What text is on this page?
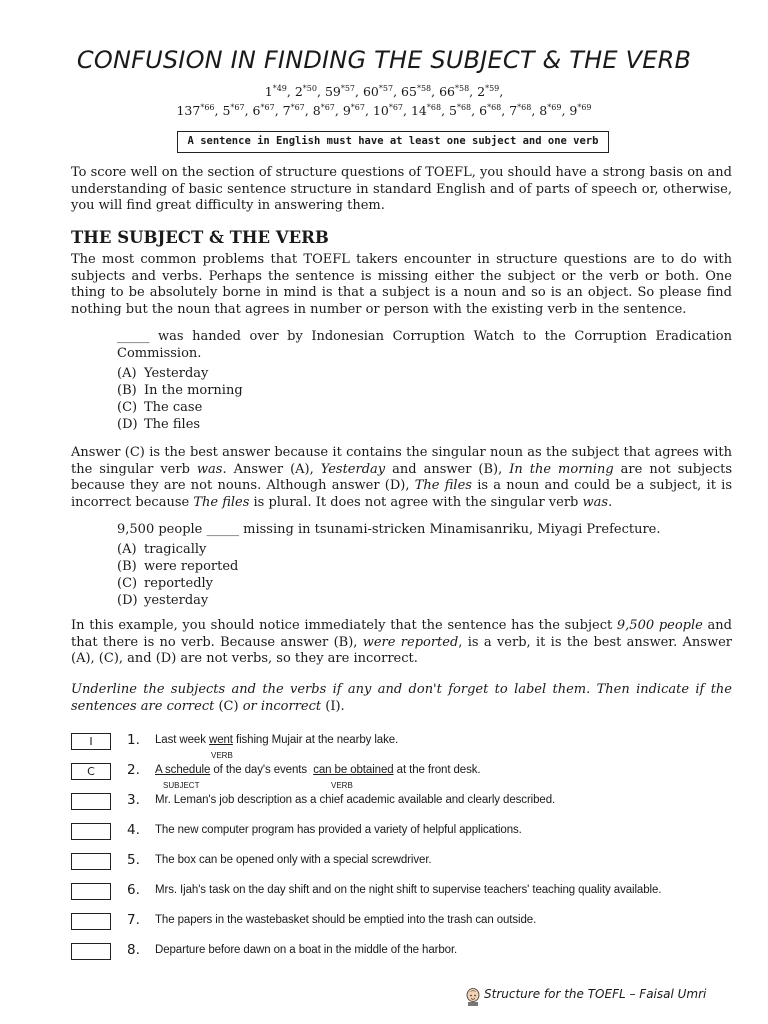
CONFUSION IN FINDING THE SUBJECT & THE VERB
1$^{*49}$, 2$^{*50}$, 59$^{*57}$, 60$^{*57}$, 65$^{*58}$, 66$^{*58}$, 2$^{*59}$,
137$^{*66}$, 5$^{*67}$, 6$^{*67}$, 7$^{*67}$, 8$^{*67}$, 9$^{*67}$, 10$^{*67}$, 14$^{*68}$, 5$^{*68}$, 6$^{*68}$, 7$^{*68}$, 8$^{*69}$, 9$^{*69}$
A sentence in English must have at least one subject and one verb
To score well on the section of structure questions of TOEFL, you should have a strong basis on and understanding of basic sentence structure in standard English and of parts of speech or, otherwise, you will find great difficulty in answering them.
THE SUBJECT & THE VERB
The most common problems that TOEFL takers encounter in structure questions are to do with subjects and verbs. Perhaps the sentence is missing either the subject or the verb or both. One thing to be absolutely borne in mind is that a subject is a noun and so is an object. So please find nothing but the noun that agrees in number or person with the existing verb in the sentence.
_____ was handed over by Indonesian Corruption Watch to the Corruption Eradication Commission.
(A) Yesterday
(B) In the morning
(C) The case
(D) The files
Answer (C) is the best answer because it contains the singular noun as the subject that agrees with the singular verb was. Answer (A), Yesterday and answer (B), In the morning are not subjects because they are not nouns. Although answer (D), The files is a noun and could be a subject, it is incorrect because The files is plural. It does not agree with the singular verb was.
9,500 people _____ missing in tsunami-stricken Minamisanriku, Miyagi Prefecture.
(A) tragically
(B) were reported
(C) reportedly
(D) yesterday
In this example, you should notice immediately that the sentence has the subject 9,500 people and that there is no verb. Because answer (B), were reported, is a verb, it is the best answer. Answer (A), (C), and (D) are not verbs, so they are incorrect.
Underline the subjects and the verbs if any and don't forget to label them. Then indicate if the sentences are correct (C) or incorrect (I).
I	1. Last week went fishing Mujair at the nearby lake.
VERB
C	2. A schedule of the day's events  can be obtained at the front desk.
SUBJECT	VERB
3. Mr. Leman's job description as a chief academic available and clearly described.
4. The new computer program has provided a variety of helpful applications.
5. The box can be opened only with a special screwdriver.
6. Mrs. Ijah's task on the day shift and on the night shift to supervise teachers' teaching quality available.
7. The papers in the wastebasket should be emptied into the trash can outside.
8. Departure before dawn on a boat in the middle of the harbor.
Structure for the TOEFL – Faisal Umri
